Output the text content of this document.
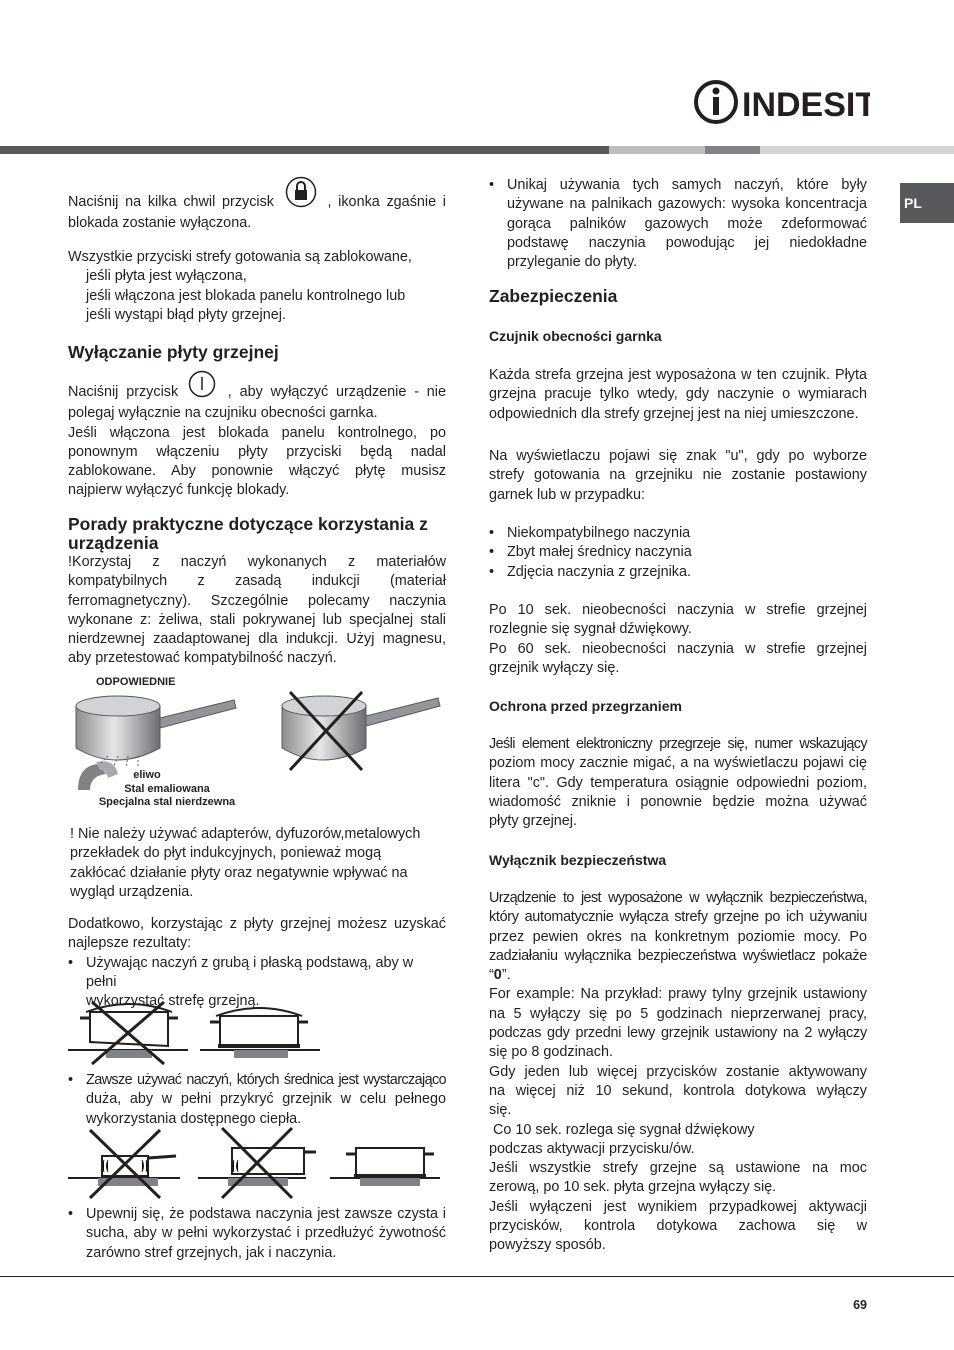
INDESIT
PL
Naciśnij na kilka chwil przycisk	, ikonka zgaśnie i
blokada zostanie wyłączona.
Wszystkie przyciski strefy gotowania są zablokowane,
jeśli płyta jest wyłączona,
jeśli włączona jest blokada panelu kontrolnego lub
jeśli wystąpi błąd płyty grzejnej.
Wyłączanie płyty grzejnej
Naciśnij przycisk	, aby wyłączyć urządzenie - nie
polegaj wyłącznie na czujniku obecności garnka.
Jeśli włączona jest blokada panelu kontrolnego, po
ponownym włączeniu płyty przyciski będą nadal
zablokowane. Aby ponownie włączyć płytę musisz
najpierw wyłączyć funkcję blokady.
Porady praktyczne dotyczące korzystania z urządzenia
!Korzystaj z naczyń wykonanych z materiałów
kompatybilnych z zasadą indukcji (materiał
ferromagnetyczny). Szczególnie polecamy naczynia
wykonane z: żeliwa, stali pokrywanej lub specjalnej stali
nierdzewnej zaadaptowanej dla indukcji. Użyj magnesu,
aby przetestować kompatybilność naczyń.
ODPOWIEDNIE
eliwo
Stal emaliowana
Specjalna stal nierdzewna
! Nie należy używać adapterów, dyfuzorów,metalowych
przekładek do płyt indukcyjnych, ponieważ mogą
zakłócać działanie płyty oraz negatywnie wpływać na
wygląd urządzenia.
Dodatkowo, korzystając z płyty grzejnej możesz uzyskać
najlepsze rezultaty:
• Używając naczyń z grubą i płaską podstawą, aby w pełni
wykorzystać strefę grzejną.
• Zawsze używać naczyń, których średnica jest wystarczająco
duża, aby w pełni przykryć grzejnik w celu pełnego
wykorzystania dostępnego ciepła.
• Upewnij się, że podstawa naczynia jest zawsze czysta i
sucha, aby w pełni wykorzystać i przedłużyć żywotność
zarówno stref grzejnych, jak i naczynia.
• Unikaj używania tych samych naczyń, które były
używane na palnikach gazowych: wysoka koncentracja
gorąca palników gazowych może zdeformować
podstawę naczynia powodując jej niedokładne
przyleganie do płyty.
Zabezpieczenia
Czujnik obecności garnka
Każda strefa grzejna jest wyposażona w ten czujnik. Płyta
grzejna pracuje tylko wtedy, gdy naczynie o wymiarach
odpowiednich dla strefy grzejnej jest na niej umieszczone.
Na wyświetlaczu pojawi się znak "u", gdy po wyborze
strefy gotowania na grzejniku nie zostanie postawiony
garnek lub w przypadku:
• Niekompatybilnego naczynia
• Zbyt małej średnicy naczynia
• Zdjęcia naczynia z grzejnika.
Po 10 sek. nieobecności naczynia w strefie grzejnej
rozlegnie się sygnał dźwiękowy.
Po 60 sek. nieobecności naczynia w strefie grzejnej
grzejnik wyłączy się.
Ochrona przed przegrzaniem
Jeśli element elektroniczny przegrzeje się, numer wskazujący
poziom mocy zacznie migać, a na wyświetlaczu pojawi cię
litera "c". Gdy temperatura osiągnie odpowiedni poziom,
wiadomość zniknie i ponownie będzie można używać
płyty grzejnej.
Wyłącznik bezpieczeństwa
Urządzenie to jest wyposażone w wyłącznik bezpieczeństwa,
który automatycznie wyłącza strefy grzejne po ich używaniu
przez pewien okres na konkretnym poziomie mocy. Po
zadziałaniu wyłącznika bezpieczeństwa wyświetlacz pokaże
“0”.
For example: Na przykład: prawy tylny grzejnik ustawiony
na 5 wyłączy się po 5 godzinach nieprzerwanej pracy,
podczas gdy przedni lewy grzejnik ustawiony na 2 wyłączy
się po 8 godzinach.
Gdy jeden lub więcej przycisków zostanie aktywowany
na więcej niż 10 sekund, kontrola dotykowa wyłączy
się.
Co 10 sek. rozlega się sygnał dźwiękowy
podczas aktywacji przycisku/ów.
Jeśli wszystkie strefy grzejne są ustawione na moc
zerową, po 10 sek. płyta grzejna wyłączy się.
Jeśli wyłączeni jest wynikiem przypadkowej aktywacji
przycisków, kontrola dotykowa zachowa się w
powyższy sposób.
69
